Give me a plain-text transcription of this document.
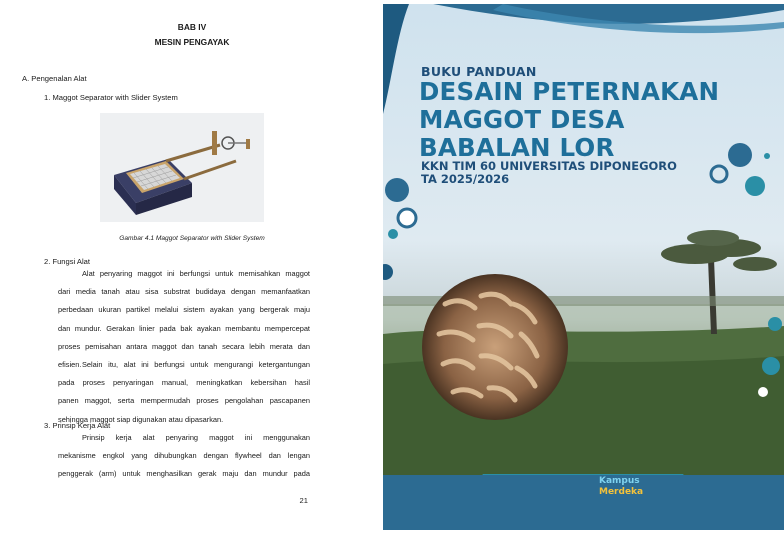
BAB IV
MESIN PENGAYAK
A. Pengenalan Alat
1. Maggot Separator with Slider System
Gambar 4.1 Maggot Separator with Slider System
2. Fungsi Alat
Alat penyaring maggot ini berfungsi untuk memisahkan maggot
dari media tanah atau sisa substrat budidaya dengan memanfaatkan
perbedaan ukuran partikel melalui sistem ayakan yang bergerak maju
dan mundur. Gerakan linier pada bak ayakan membantu mempercepat
proses pemisahan antara maggot dan tanah secara lebih merata dan
efisien. Selain itu, alat ini berfungsi untuk mengurangi ketergantungan
pada proses penyaringan manual, meningkatkan kebersihan hasil
panen maggot, serta mempermudah proses pengolahan pascapanen
sehingga maggot siap digunakan atau dipasarkan.
3. Prinsip Kerja Alat
Prinsip kerja alat penyaring maggot ini menggunakan
mekanisme engkol yang dihubungkan dengan flywheel dan lengan
penggerak (arm) untuk menghasilkan gerak maju dan mundur pada
21
BUKU PANDUAN
DESAIN PETERNAKAN
MAGGOT DESA
BABALAN LOR
KKN TIM 60 UNIVERSITAS DIPONEGORO
TA 2025/2026
Kampus
Merdeka
